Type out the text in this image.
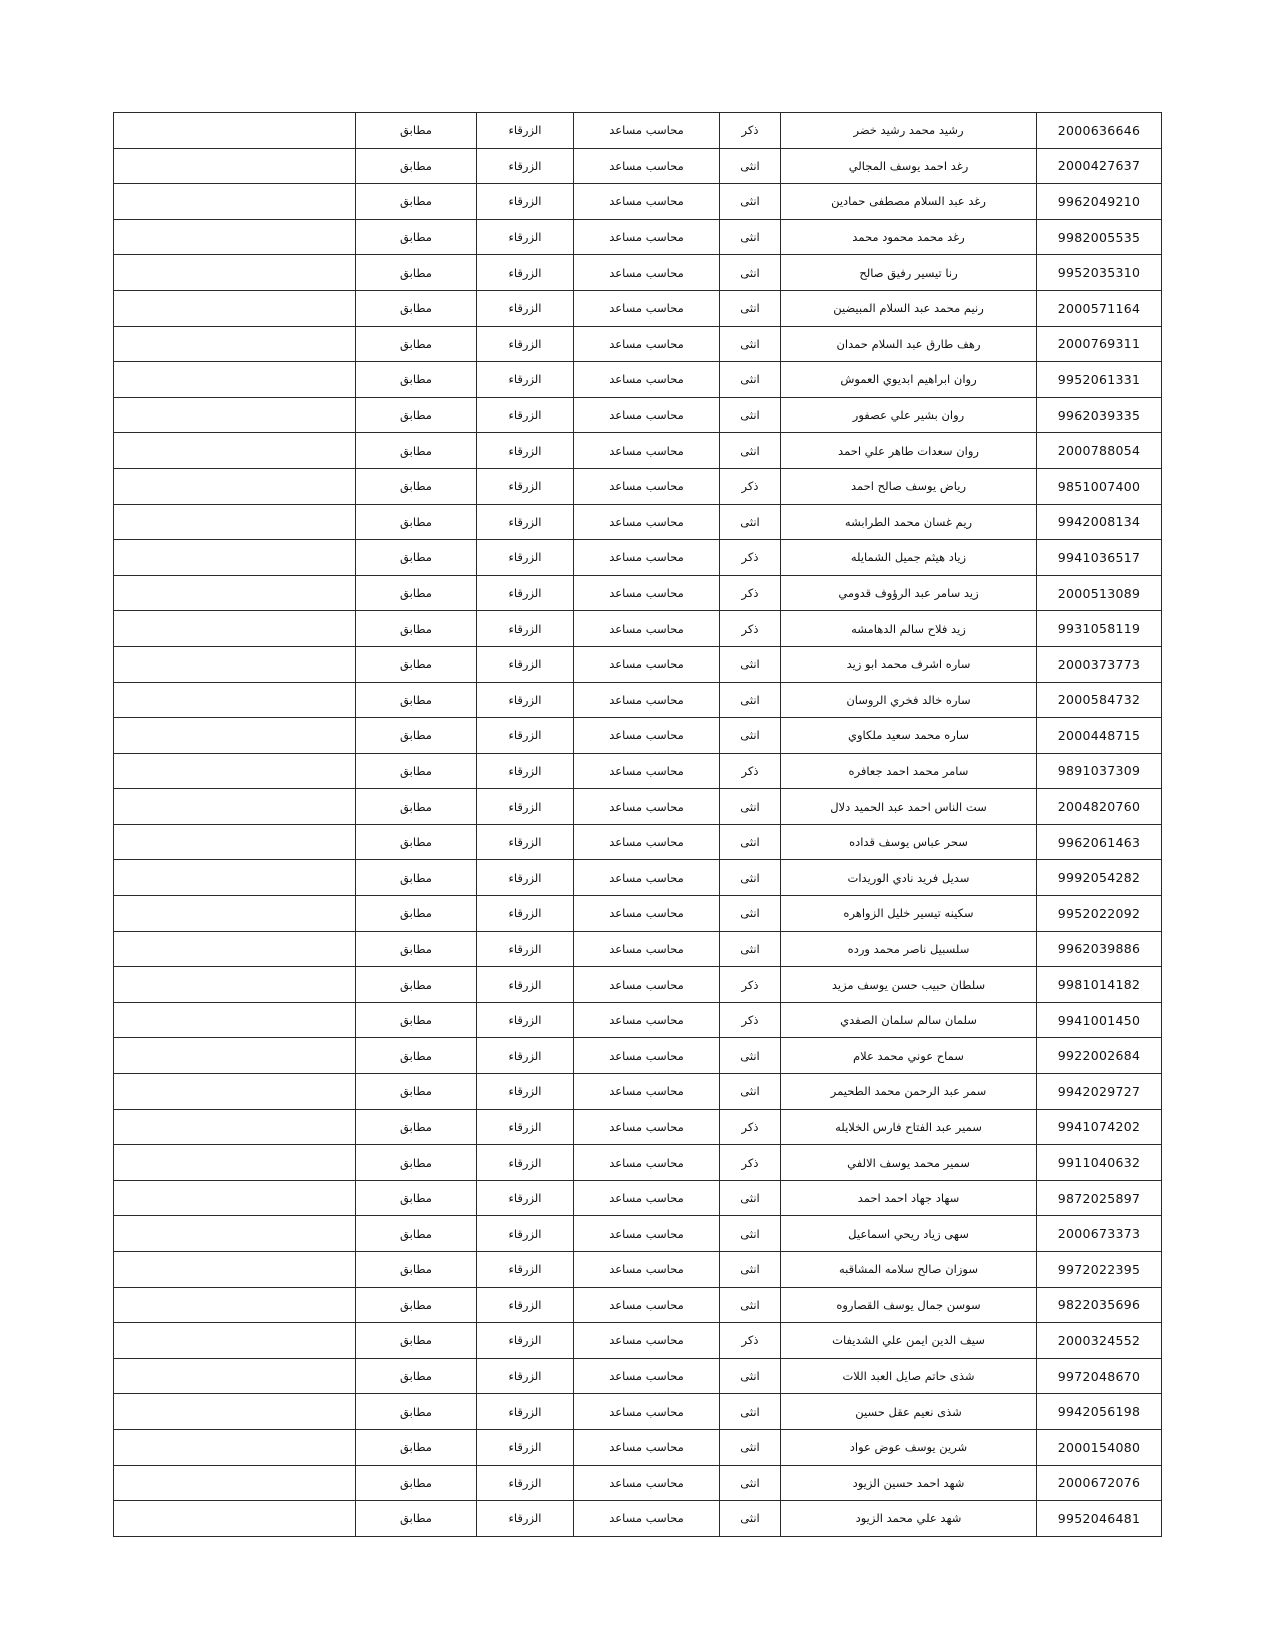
	مطابق	الزرقاء	محاسب مساعد	ذكر	رشيد محمد رشيد خضر	2000636646
	مطابق	الزرقاء	محاسب مساعد	انثى	رغد احمد يوسف المجالي	2000427637
	مطابق	الزرقاء	محاسب مساعد	انثى	رغد عبد السلام مصطفى حمادين	9962049210
	مطابق	الزرقاء	محاسب مساعد	انثى	رغد محمد محمود محمد	9982005535
	مطابق	الزرقاء	محاسب مساعد	انثى	رنا تيسير رفيق صالح	9952035310
	مطابق	الزرقاء	محاسب مساعد	انثى	رنيم محمد عبد السلام المبيضين	2000571164
	مطابق	الزرقاء	محاسب مساعد	انثى	رهف طارق عبد السلام حمدان	2000769311
	مطابق	الزرقاء	محاسب مساعد	انثى	روان ابراهيم ابديوي العموش	9952061331
	مطابق	الزرقاء	محاسب مساعد	انثى	روان بشير علي عصفور	9962039335
	مطابق	الزرقاء	محاسب مساعد	انثى	روان سعدات طاهر علي احمد	2000788054
	مطابق	الزرقاء	محاسب مساعد	ذكر	رياض يوسف صالح احمد	9851007400
	مطابق	الزرقاء	محاسب مساعد	انثى	ريم غسان محمد الطرابشه	9942008134
	مطابق	الزرقاء	محاسب مساعد	ذكر	زياد هيثم جميل الشمايله	9941036517
	مطابق	الزرقاء	محاسب مساعد	ذكر	زيد سامر عبد الرؤوف قدومي	2000513089
	مطابق	الزرقاء	محاسب مساعد	ذكر	زيد فلاح سالم الدهامشه	9931058119
	مطابق	الزرقاء	محاسب مساعد	انثى	ساره اشرف محمد ابو زيد	2000373773
	مطابق	الزرقاء	محاسب مساعد	انثى	ساره خالد فخري الروسان	2000584732
	مطابق	الزرقاء	محاسب مساعد	انثى	ساره محمد سعيد ملكاوي	2000448715
	مطابق	الزرقاء	محاسب مساعد	ذكر	سامر محمد احمد جعافره	9891037309
	مطابق	الزرقاء	محاسب مساعد	انثى	ست الناس احمد عبد الحميد دلال	2004820760
	مطابق	الزرقاء	محاسب مساعد	انثى	سحر عباس يوسف قداده	9962061463
	مطابق	الزرقاء	محاسب مساعد	انثى	سديل فريد نادي الوريدات	9992054282
	مطابق	الزرقاء	محاسب مساعد	انثى	سكينه تيسير خليل الزواهره	9952022092
	مطابق	الزرقاء	محاسب مساعد	انثى	سلسبيل ناصر محمد ورده	9962039886
	مطابق	الزرقاء	محاسب مساعد	ذكر	سلطان حبيب حسن يوسف مزيد	9981014182
	مطابق	الزرقاء	محاسب مساعد	ذكر	سلمان سالم سلمان الصفدي	9941001450
	مطابق	الزرقاء	محاسب مساعد	انثى	سماح عوني محمد علام	9922002684
	مطابق	الزرقاء	محاسب مساعد	انثى	سمر عبد الرحمن محمد الطحيمر	9942029727
	مطابق	الزرقاء	محاسب مساعد	ذكر	سمير عبد الفتاح فارس الخلايله	9941074202
	مطابق	الزرقاء	محاسب مساعد	ذكر	سمير محمد يوسف الالفي	9911040632
	مطابق	الزرقاء	محاسب مساعد	انثى	سهاد جهاد احمد احمد	9872025897
	مطابق	الزرقاء	محاسب مساعد	انثى	سهى زياد ريحي اسماعيل	2000673373
	مطابق	الزرقاء	محاسب مساعد	انثى	سوزان صالح سلامه المشاقبه	9972022395
	مطابق	الزرقاء	محاسب مساعد	انثى	سوسن جمال يوسف القصاروه	9822035696
	مطابق	الزرقاء	محاسب مساعد	ذكر	سيف الدين ايمن علي الشديفات	2000324552
	مطابق	الزرقاء	محاسب مساعد	انثى	شذى حاتم صايل العبد اللات	9972048670
	مطابق	الزرقاء	محاسب مساعد	انثى	شذى نعيم عقل حسين	9942056198
	مطابق	الزرقاء	محاسب مساعد	انثى	شرين يوسف عوض عواد	2000154080
	مطابق	الزرقاء	محاسب مساعد	انثى	شهد احمد حسين الزيود	2000672076
	مطابق	الزرقاء	محاسب مساعد	انثى	شهد علي محمد الزيود	9952046481
